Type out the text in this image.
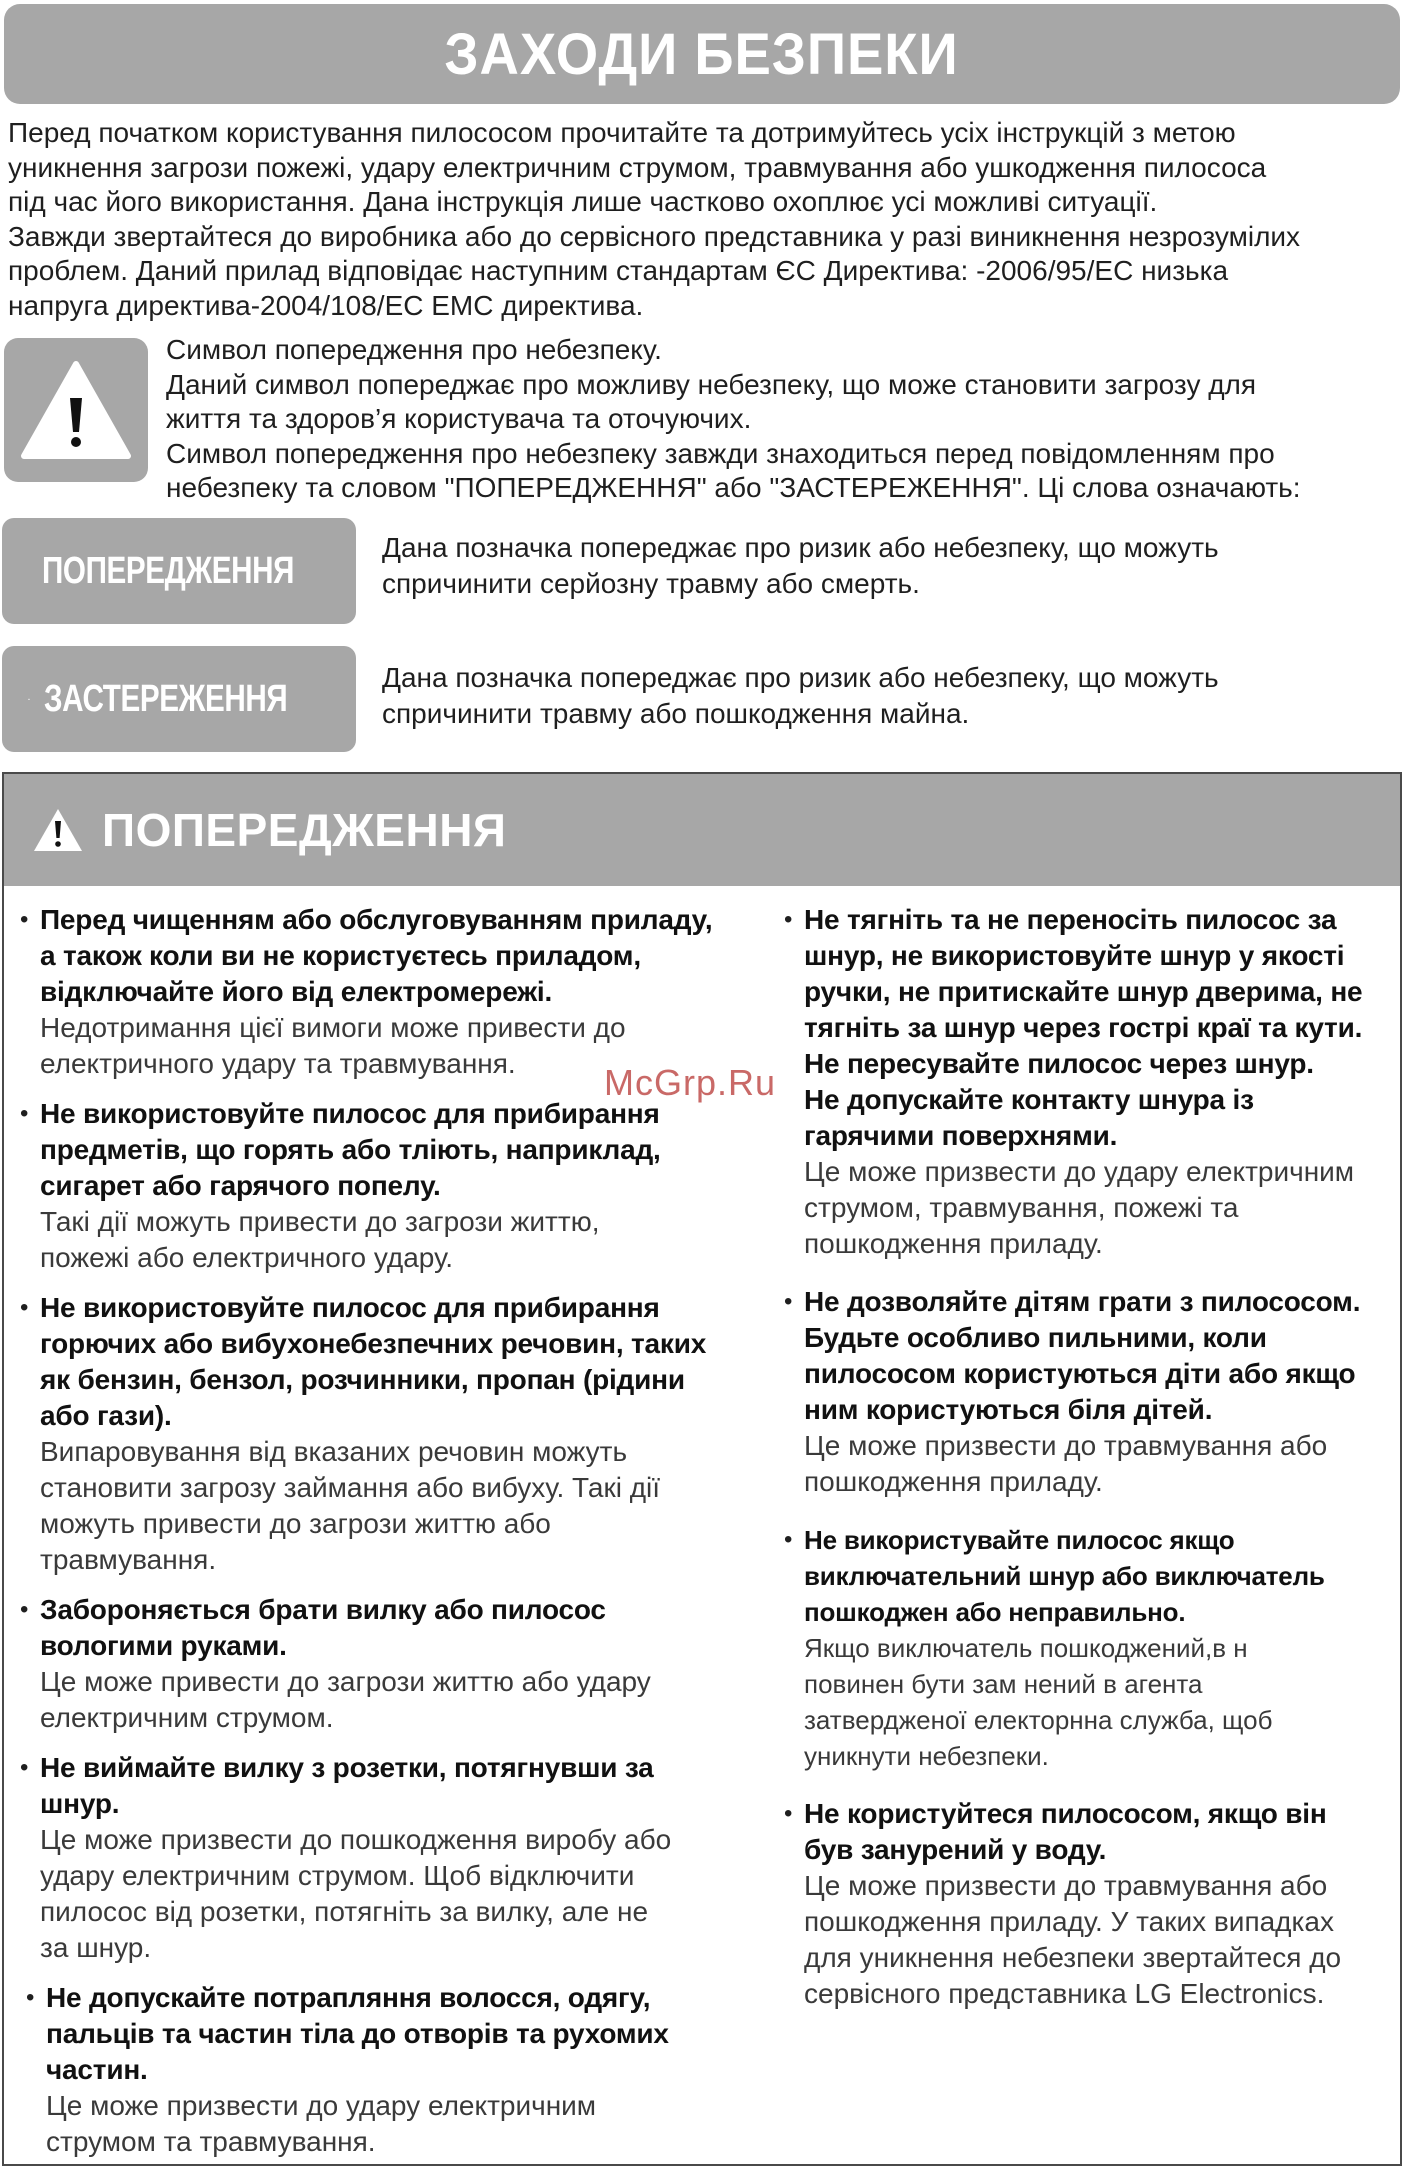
ЗАХОДИ БЕЗПЕКИ
Перед початком користування пилососом прочитайте та дотримуйтесь усіх інструкцій з метою
уникнення загрози пожежі, удару електричним струмом, травмування або ушкодження пилососа
під час його використання. Дана інструкція лише частково охоплює усі можливі ситуації.
Завжди звертайтеся до виробника або до сервісного представника у разі виникнення незрозумілих
проблем. Даний прилад відповідає наступним стандартам ЄС Директива: -2006/95/ЕС низька
напруга директива-2004/108/ЕС ЕМС директива.
Символ попередження про небезпеку.
Даний символ попереджає про можливу небезпеку, що може становити загрозу для
життя та здоров’я користувача та оточуючих.
Символ попередження про небезпеку завжди знаходиться перед повідомленням про
небезпеку та словом "ПОПЕРЕДЖЕННЯ" або "ЗАСТЕРЕЖЕННЯ". Ці слова означають:
ПОПЕРЕДЖЕННЯ
Дана позначка попереджає про ризик або небезпеку, що можуть
спричинити серйозну травму або смерть.
ЗАСТЕРЕЖЕННЯ	Дана позначка попереджає про ризик або небезпеку, що можуть
спричинити травму або пошкодження майна.
ПОПЕРЕДЖЕННЯ
• Перед чищенням або обслуговуванням приладу,
а також коли ви не користуєтесь приладом,
відключайте його від електромережі.
Недотримання цієї вимоги може привести до
електричного удару та травмування.
• Не використовуйте пилосос для прибирання
предметів, що горять або тліють, наприклад,
сигарет або гарячого попелу.
Такі дії можуть привести до загрози життю,
пожежі або електричного удару.
• Не використовуйте пилосос для прибирання
горючих або вибухонебезпечних речовин, таких
як бензин, бензол, розчинники, пропан (рідини
або гази).
Випаровування від вказаних речовин можуть
становити загрозу займання або вибуху. Такі дії
можуть привести до загрози життю або
травмування.
• Забороняється брати вилку або пилосос
вологими руками.
Це може привести до загрози життю або удару
електричним струмом.
• Не виймайте вилку з розетки, потягнувши за
шнур.
Це може призвести до пошкодження виробу або
удару електричним струмом. Щоб відключити
пилосос від розетки, потягніть за вилку, але не
за шнур.
• Не допускайте потрапляння волосся, одягу,
пальців та частин тіла до отворів та рухомих
частин.
Це може призвести до удару електричним
струмом та травмування.
• Не тягніть та не переносіть пилосос за
шнур, не використовуйте шнур у якості
ручки, не притискайте шнур дверима, не
тягніть за шнур через гострі краї та кути.
Не пересувайте пилосос через шнур.
Не допускайте контакту шнура із
гарячими поверхнями.
Це може призвести до удару електричним
струмом, травмування, пожежі та
пошкодження приладу.
• Не дозволяйте дітям грати з пилососом.
Будьте особливо пильними, коли
пилососом користуються діти або якщо
ним користуються біля дітей.
Це може призвести до травмування або
пошкодження приладу.
• Не використувайте пилосос якщо
виключательний шнур або виключатель
пошкоджен або неправильно.
Якщо виключатель пошкоджений,в н
повинен бути зам нений в агента
затвердженої електорнна служба, щоб
уникнути небезпеки.
• Не користуйтеся пилососом, якщо він
був занурений у воду.
Це може призвести до травмування або
пошкодження приладу. У таких випадках
для уникнення небезпеки звертайтеся до
сервісного представника LG Electronics.
McGrp.Ru
